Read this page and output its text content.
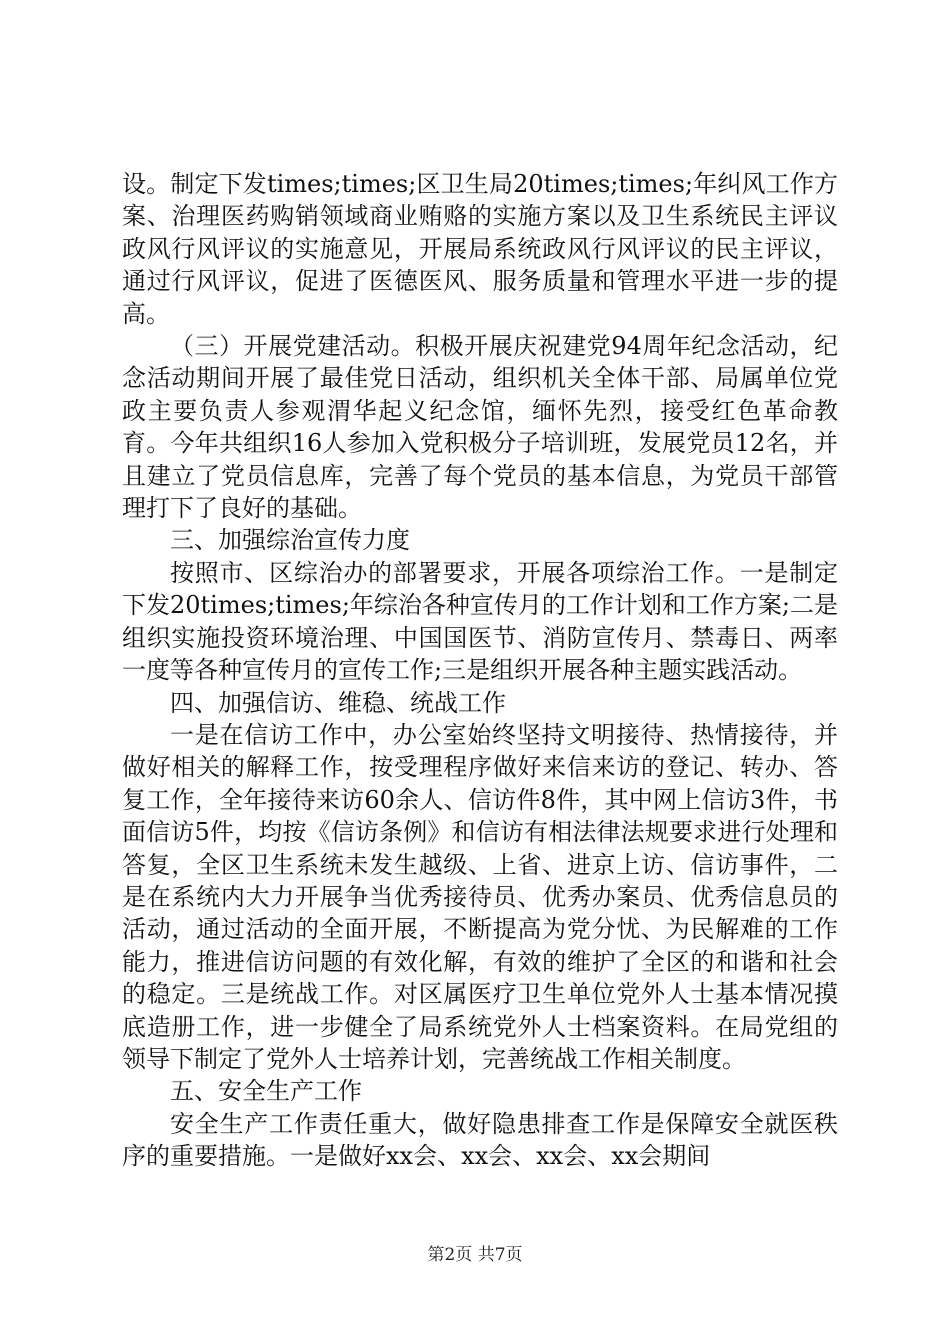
设。制定下发times;times;区卫生局20times;times;年纠风工作方案、治理医药购销领域商业贿赂的实施方案以及卫生系统民主评议政风行风评议的实施意见，开展局系统政风行风评议的民主评议，通过行风评议，促进了医德医风、服务质量和管理水平进一步的提高。

（三）开展党建活动。积极开展庆祝建党94周年纪念活动，纪念活动期间开展了最佳党日活动，组织机关全体干部、局属单位党政主要负责人参观渭华起义纪念馆，缅怀先烈，接受红色革命教育。今年共组织16人参加入党积极分子培训班，发展党员12名，并且建立了党员信息库，完善了每个党员的基本信息，为党员干部管理打下了良好的基础。

三、加强综治宣传力度

按照市、区综治办的部署要求，开展各项综治工作。一是制定下发20times;times;年综治各种宣传月的工作计划和工作方案;二是组织实施投资环境治理、中国国医节、消防宣传月、禁毒日、两率一度等各种宣传月的宣传工作;三是组织开展各种主题实践活动。

四、加强信访、维稳、统战工作

一是在信访工作中，办公室始终坚持文明接待、热情接待，并做好相关的解释工作，按受理程序做好来信来访的登记、转办、答复工作，全年接待来访60余人、信访件8件，其中网上信访3件，书面信访5件，均按《信访条例》和信访有相法律法规要求进行处理和答复，全区卫生系统未发生越级、上省、进京上访、信访事件，二是在系统内大力开展争当优秀接待员、优秀办案员、优秀信息员的活动，通过活动的全面开展，不断提高为党分忧、为民解难的工作能力，推进信访问题的有效化解，有效的维护了全区的和谐和社会的稳定。三是统战工作。对区属医疗卫生单位党外人士基本情况摸底造册工作，进一步健全了局系统党外人士档案资料。在局党组的领导下制定了党外人士培养计划，完善统战工作相关制度。

五、安全生产工作

安全生产工作责任重大，做好隐患排查工作是保障安全就医秩序的重要措施。一是做好xx会、xx会、xx会、xx会期间

第2页 共7页
